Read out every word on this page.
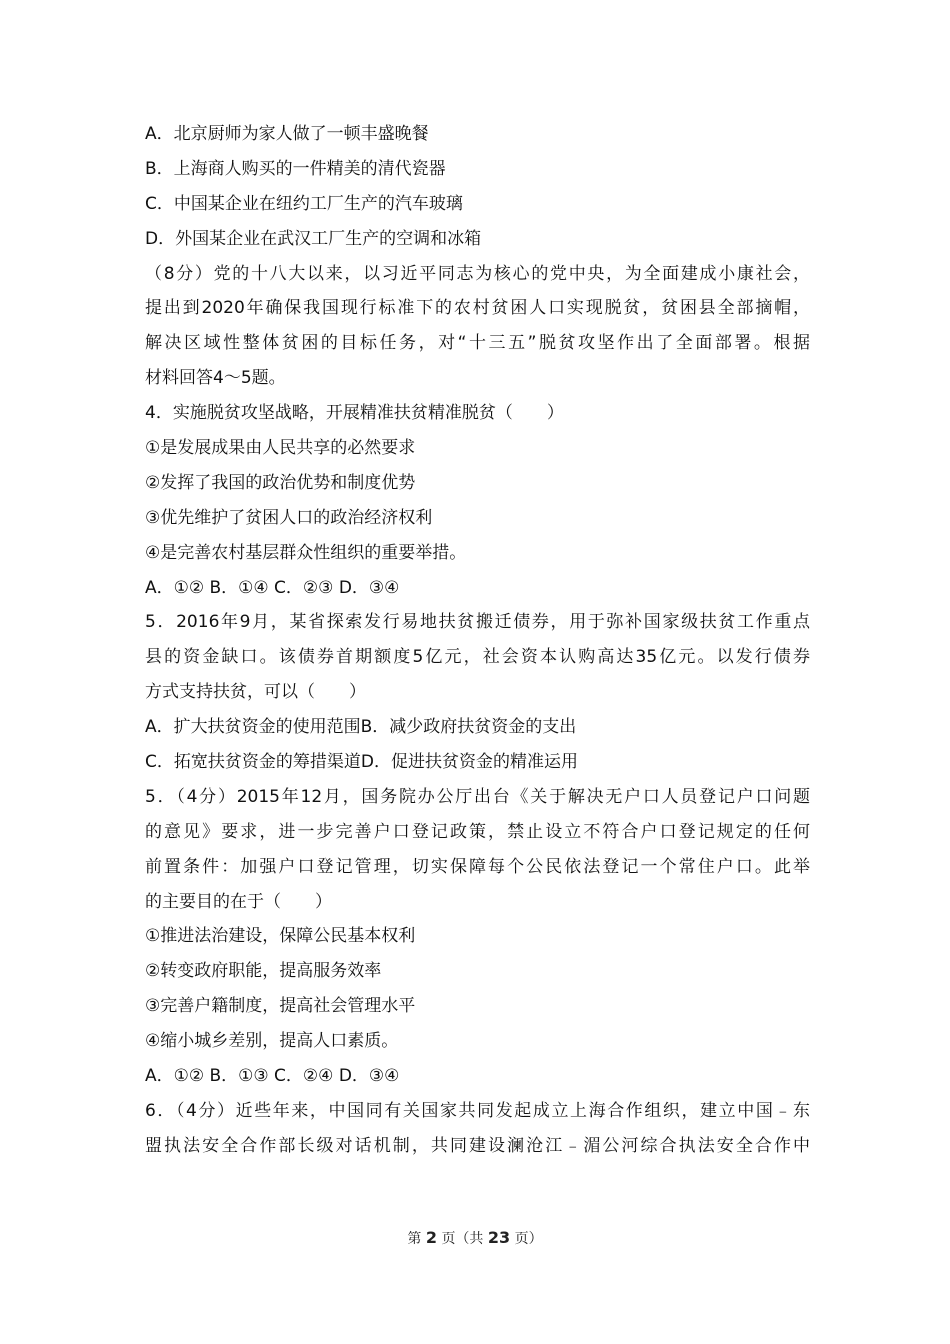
A．北京厨师为家人做了一顿丰盛晚餐
B．上海商人购买的一件精美的清代瓷器
C．中国某企业在纽约工厂生产的汽车玻璃
D．外国某企业在武汉工厂生产的空调和冰箱
（8分）党的十八大以来，以习近平同志为核心的党中央，为全面建成小康社会，
提出到2020年确保我国现行标准下的农村贫困人口实现脱贫，贫困县全部摘帽，
解决区域性整体贫困的目标任务，对“十三五”脱贫攻坚作出了全面部署。根据
材料回答4～5题。
4．实施脱贫攻坚战略，开展精准扶贫精准脱贫（　　）
①是发展成果由人民共享的必然要求
②发挥了我国的政治优势和制度优势
③优先维护了贫困人口的政治经济权利
④是完善农村基层群众性组织的重要举措。
A．①② B．①④ C．②③ D．③④
5．2016年9月，某省探索发行易地扶贫搬迁债券，用于弥补国家级扶贫工作重点
县的资金缺口。该债券首期额度5亿元，社会资本认购高达35亿元。以发行债券
方式支持扶贫，可以（　　）
A．扩大扶贫资金的使用范围B．减少政府扶贫资金的支出
C．拓宽扶贫资金的筹措渠道D．促进扶贫资金的精准运用
5．（4分）2015年12月，国务院办公厅出台《关于解决无户口人员登记户口问题
的意见》要求，进一步完善户口登记政策，禁止设立不符合户口登记规定的任何
前置条件：加强户口登记管理，切实保障每个公民依法登记一个常住户口。此举
的主要目的在于（　　）
①推进法治建设，保障公民基本权利
②转变政府职能，提高服务效率
③完善户籍制度，提高社会管理水平
④缩小城乡差别，提高人口素质。
A．①② B．①③ C．②④ D．③④
6．（4分）近些年来，中国同有关国家共同发起成立上海合作组织，建立中国﹣东
盟执法安全合作部长级对话机制，共同建设澜沧江﹣湄公河综合执法安全合作中
第 2 页（共 23 页）
